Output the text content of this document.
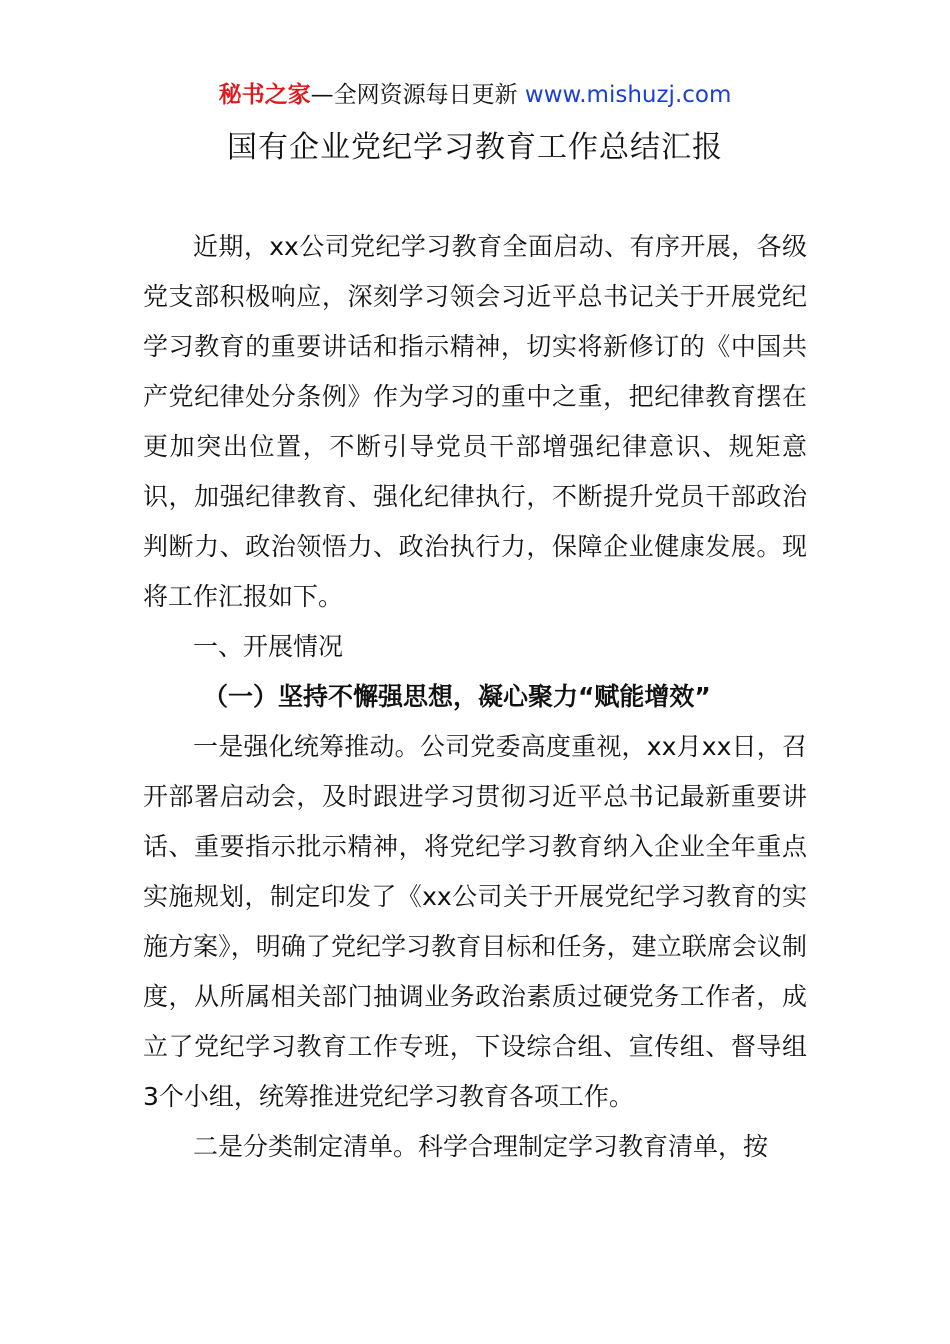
秘书之家—全网资源每日更新 www.mishuzj.com
国有企业党纪学习教育工作总结汇报

近期，xx公司党纪学习教育全面启动、有序开展，各级党支部积极响应，深刻学习领会习近平总书记关于开展党纪学习教育的重要讲话和指示精神，切实将新修订的《中国共产党纪律处分条例》作为学习的重中之重，把纪律教育摆在更加突出位置，不断引导党员干部增强纪律意识、规矩意识，加强纪律教育、强化纪律执行，不断提升党员干部政治判断力、政治领悟力、政治执行力，保障企业健康发展。现将工作汇报如下。

一、开展情况

（一）坚持不懈强思想，凝心聚力“赋能增效”

一是强化统筹推动。公司党委高度重视，xx月xx日，召开部署启动会，及时跟进学习贯彻习近平总书记最新重要讲话、重要指示批示精神，将党纪学习教育纳入企业全年重点实施规划，制定印发了《xx公司关于开展党纪学习教育的实施方案》，明确了党纪学习教育目标和任务，建立联席会议制度，从所属相关部门抽调业务政治素质过硬党务工作者，成立了党纪学习教育工作专班，下设综合组、宣传组、督导组3个小组，统筹推进党纪学习教育各项工作。

二是分类制定清单。科学合理制定学习教育清单，按
